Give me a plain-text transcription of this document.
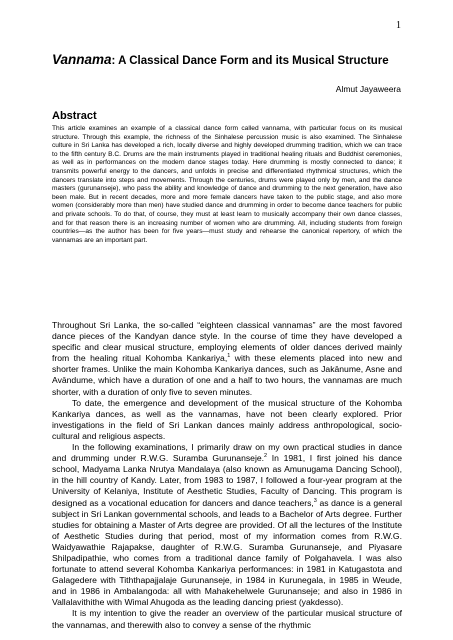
1
Vannama: A Classical Dance Form and its Musical Structure
Almut Jayaweera
Abstract

This article examines an example of a classical dance form called vannama, with particular focus on its musical structure. Through this example, the richness of the Sinhalese percussion music is also examined. The Sinhalese culture in Sri Lanka has developed a rich, locally diverse and highly developed drumming tradition, which we can trace to the fifth century B.C. Drums are the main instruments played in traditional healing rituals and Buddhist ceremonies, as well as in performances on the modern dance stages today. Here drumming is mostly connected to dance; it transmits powerful energy to the dancers, and unfolds in precise and differentiated rhythmical structures, which the dancers translate into steps and movements. Through the centuries, drums were played only by men, and the dance masters (gurunanseje), who pass the ability and knowledge of dance and drumming to the next generation, have also been male. But in recent decades, more and more female dancers have taken to the public stage, and also more women (considerably more than men) have studied dance and drumming in order to become dance teachers for public and private schools. To do that, of course, they must at least learn to musically accompany their own dance classes, and for that reason there is an increasing number of women who are drumming. All, including students from foreign countries—as the author has been for five years—must study and rehearse the canonical repertory, of which the vannamas are an important part.

Throughout Sri Lanka, the so-called “eighteen classical vannamas” are the most favored dance pieces of the Kandyan dance style. In the course of time they have developed a specific and clear musical structure, employing elements of older dances derived mainly from the healing ritual Kohomba Kankariya,$^1$ with these elements placed into new and shorter frames. Unlike the main Kohomba Kankariya dances, such as Jakānume, Asne and Avāndume, which have a duration of one and a half to two hours, the vannamas are much shorter, with a duration of only five to seven minutes.

To date, the emergence and development of the musical structure of the Kohomba Kankariya dances, as well as the vannamas, have not been clearly explored. Prior investigations in the field of Sri Lankan dances mainly address anthropological, socio-cultural and religious aspects.

In the following examinations, I primarily draw on my own practical studies in dance and drumming under R.W.G. Suramba Gurunanseje.$^2$ In 1981, I first joined his dance school, Madyama Lanka Nrutya Mandalaya (also known as Amunugama Dancing School), in the hill country of Kandy. Later, from 1983 to 1987, I followed a four-year program at the University of Kelaniya, Institute of Aesthetic Studies, Faculty of Dancing. This program is designed as a vocational education for dancers and dance teachers,$^3$ as dance is a general subject in Sri Lankan governmental schools, and leads to a Bachelor of Arts degree. Further studies for obtaining a Master of Arts degree are provided. Of all the lectures of the Institute of Aesthetic Studies during that period, most of my information comes from R.W.G. Waidyawathie Rajapakse, daughter of R.W.G. Suramba Gurunanseje, and Piyasare Shilpadipathie, who comes from a traditional dance family of Polgahavela. I was also fortunate to attend several Kohomba Kankariya performances: in 1981 in Katugastota and Galagedere with Tiththapajjalaje Gurunanseje, in 1984 in Kurunegala, in 1985 in Weude, and in 1986 in Ambalangoda: all with Mahakehelwele Gurunanseje; and also in 1986 in Vallalavithithe with Wimal Ahugoda as the leading dancing priest (yakdesso).

It is my intention to give the reader an overview of the particular musical structure of the vannamas, and therewith also to convey a sense of the rhythmic
